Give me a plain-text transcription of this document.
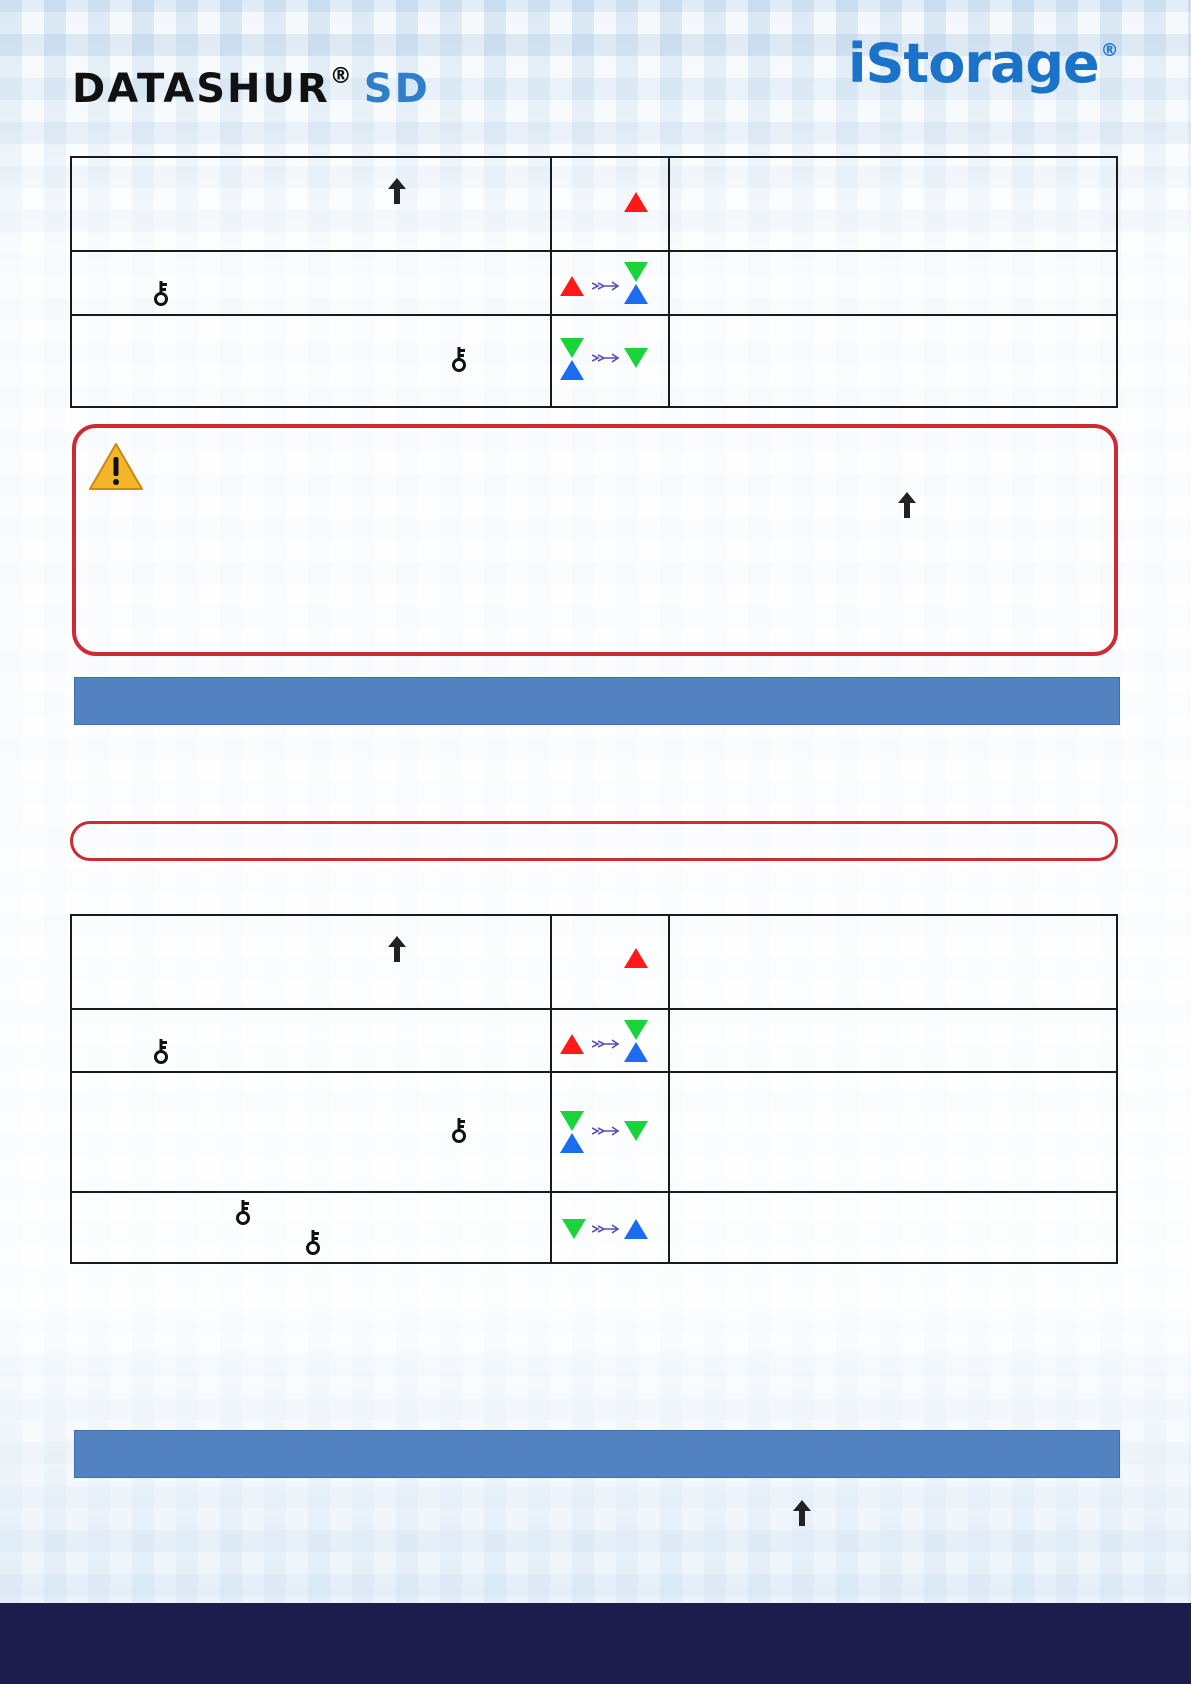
DATASHUR® SD	iStorage ®
